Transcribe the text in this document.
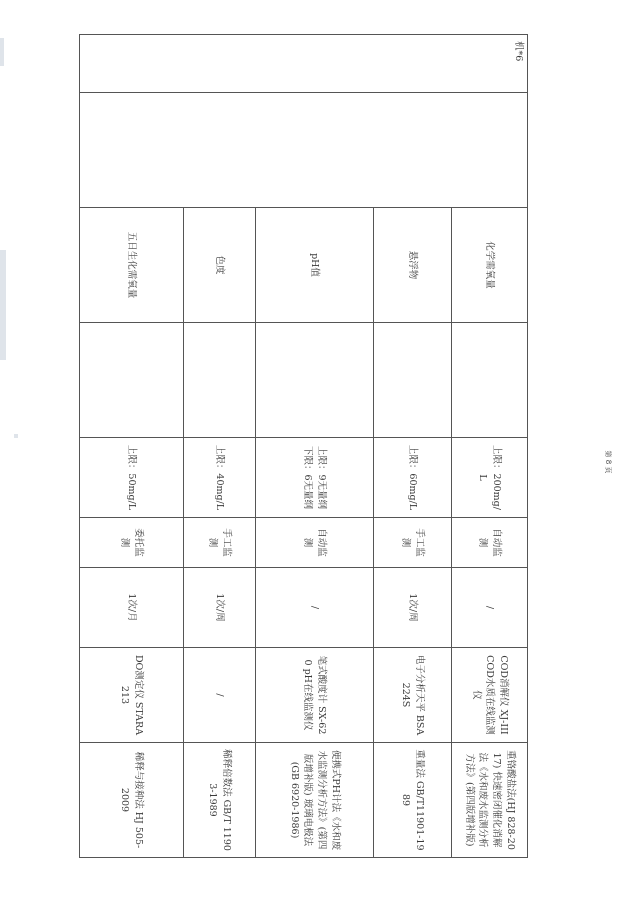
机*6		化学需氧量		上限：200mg/L	自动监测	/	COD消解仪 XJ-III COD水质在线监测仪	重铬酸盐法(HJ 828-2017) 快速密闭催化消解法《水和废水监测分析方法》(第四版增补版)
		悬浮物		上限：60mg/L	手工监测	1次/周	电子分析天平 BSA224S	重量法 GB/T11901-1989
		pH值		上限：9无量纲 下限：6无量纲	自动监测	/	笔式酸度计 SX-620 pH在线监测仪	便携式PH计法《水和废水监测分析方法》(第四版增补版) 玻璃电极法 (GB 6920-1986)
		色度		上限：40mg/L	手工监测	1次/周	/	稀释倍数法 GB/T 11903-1989
		五日生化需氧量		上限：50mg/L	委托监测	1次/月	DO测定仪 STARA213	稀释与接种法 HJ 505-2009
第 8 页
